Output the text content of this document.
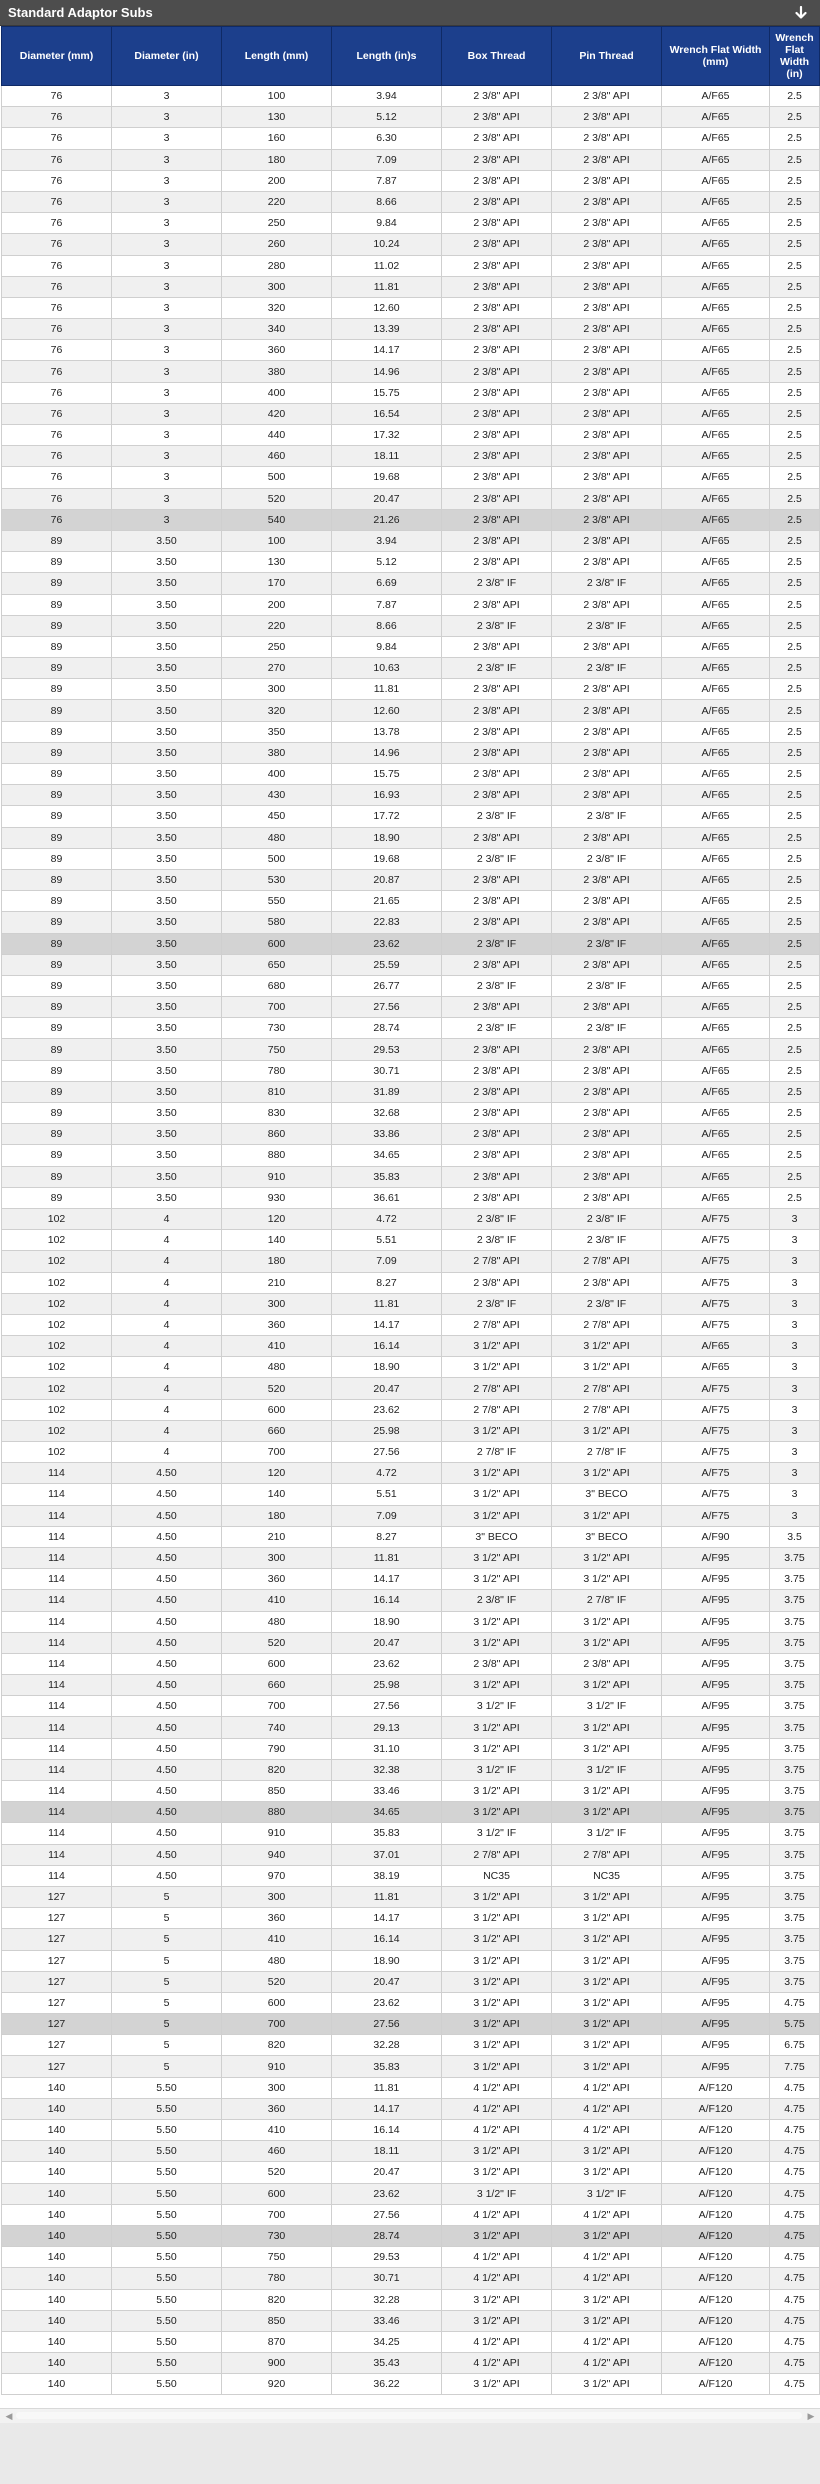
Standard Adaptor Subs
Diameter (mm)	Diameter (in)	Length (mm)	Length (in)s	Box Thread	Pin Thread	Wrench Flat Width (mm)	Wrench Flat Width (in)
76	3	100	3.94	2 3/8" API	2 3/8" API	A/F65	2.5
76	3	130	5.12	2 3/8" API	2 3/8" API	A/F65	2.5
76	3	160	6.30	2 3/8" API	2 3/8" API	A/F65	2.5
76	3	180	7.09	2 3/8" API	2 3/8" API	A/F65	2.5
76	3	200	7.87	2 3/8" API	2 3/8" API	A/F65	2.5
76	3	220	8.66	2 3/8" API	2 3/8" API	A/F65	2.5
76	3	250	9.84	2 3/8" API	2 3/8" API	A/F65	2.5
76	3	260	10.24	2 3/8" API	2 3/8" API	A/F65	2.5
76	3	280	11.02	2 3/8" API	2 3/8" API	A/F65	2.5
76	3	300	11.81	2 3/8" API	2 3/8" API	A/F65	2.5
76	3	320	12.60	2 3/8" API	2 3/8" API	A/F65	2.5
76	3	340	13.39	2 3/8" API	2 3/8" API	A/F65	2.5
76	3	360	14.17	2 3/8" API	2 3/8" API	A/F65	2.5
76	3	380	14.96	2 3/8" API	2 3/8" API	A/F65	2.5
76	3	400	15.75	2 3/8" API	2 3/8" API	A/F65	2.5
76	3	420	16.54	2 3/8" API	2 3/8" API	A/F65	2.5
76	3	440	17.32	2 3/8" API	2 3/8" API	A/F65	2.5
76	3	460	18.11	2 3/8" API	2 3/8" API	A/F65	2.5
76	3	500	19.68	2 3/8" API	2 3/8" API	A/F65	2.5
76	3	520	20.47	2 3/8" API	2 3/8" API	A/F65	2.5
76	3	540	21.26	2 3/8" API	2 3/8" API	A/F65	2.5
89	3.50	100	3.94	2 3/8" API	2 3/8" API	A/F65	2.5
89	3.50	130	5.12	2 3/8" API	2 3/8" API	A/F65	2.5
89	3.50	170	6.69	2 3/8" IF	2 3/8" IF	A/F65	2.5
89	3.50	200	7.87	2 3/8" API	2 3/8" API	A/F65	2.5
89	3.50	220	8.66	2 3/8" IF	2 3/8" IF	A/F65	2.5
89	3.50	250	9.84	2 3/8" API	2 3/8" API	A/F65	2.5
89	3.50	270	10.63	2 3/8" IF	2 3/8" IF	A/F65	2.5
89	3.50	300	11.81	2 3/8" API	2 3/8" API	A/F65	2.5
89	3.50	320	12.60	2 3/8" API	2 3/8" API	A/F65	2.5
89	3.50	350	13.78	2 3/8" API	2 3/8" API	A/F65	2.5
89	3.50	380	14.96	2 3/8" API	2 3/8" API	A/F65	2.5
89	3.50	400	15.75	2 3/8" API	2 3/8" API	A/F65	2.5
89	3.50	430	16.93	2 3/8" API	2 3/8" API	A/F65	2.5
89	3.50	450	17.72	2 3/8" IF	2 3/8" IF	A/F65	2.5
89	3.50	480	18.90	2 3/8" API	2 3/8" API	A/F65	2.5
89	3.50	500	19.68	2 3/8" IF	2 3/8" IF	A/F65	2.5
89	3.50	530	20.87	2 3/8" API	2 3/8" API	A/F65	2.5
89	3.50	550	21.65	2 3/8" API	2 3/8" API	A/F65	2.5
89	3.50	580	22.83	2 3/8" API	2 3/8" API	A/F65	2.5
89	3.50	600	23.62	2 3/8" IF	2 3/8" IF	A/F65	2.5
89	3.50	650	25.59	2 3/8" API	2 3/8" API	A/F65	2.5
89	3.50	680	26.77	2 3/8" IF	2 3/8" IF	A/F65	2.5
89	3.50	700	27.56	2 3/8" API	2 3/8" API	A/F65	2.5
89	3.50	730	28.74	2 3/8" IF	2 3/8" IF	A/F65	2.5
89	3.50	750	29.53	2 3/8" API	2 3/8" API	A/F65	2.5
89	3.50	780	30.71	2 3/8" API	2 3/8" API	A/F65	2.5
89	3.50	810	31.89	2 3/8" API	2 3/8" API	A/F65	2.5
89	3.50	830	32.68	2 3/8" API	2 3/8" API	A/F65	2.5
89	3.50	860	33.86	2 3/8" API	2 3/8" API	A/F65	2.5
89	3.50	880	34.65	2 3/8" API	2 3/8" API	A/F65	2.5
89	3.50	910	35.83	2 3/8" API	2 3/8" API	A/F65	2.5
89	3.50	930	36.61	2 3/8" API	2 3/8" API	A/F65	2.5
102	4	120	4.72	2 3/8" IF	2 3/8" IF	A/F75	3
102	4	140	5.51	2 3/8" IF	2 3/8" IF	A/F75	3
102	4	180	7.09	2 7/8" API	2 7/8" API	A/F75	3
102	4	210	8.27	2 3/8" API	2 3/8" API	A/F75	3
102	4	300	11.81	2 3/8" IF	2 3/8" IF	A/F75	3
102	4	360	14.17	2 7/8" API	2 7/8" API	A/F75	3
102	4	410	16.14	3 1/2" API	3 1/2" API	A/F65	3
102	4	480	18.90	3 1/2" API	3 1/2" API	A/F65	3
102	4	520	20.47	2 7/8" API	2 7/8" API	A/F75	3
102	4	600	23.62	2 7/8" API	2 7/8" API	A/F75	3
102	4	660	25.98	3 1/2" API	3 1/2" API	A/F75	3
102	4	700	27.56	2 7/8" IF	2 7/8" IF	A/F75	3
114	4.50	120	4.72	3 1/2" API	3 1/2" API	A/F75	3
114	4.50	140	5.51	3 1/2" API	3" BECO	A/F75	3
114	4.50	180	7.09	3 1/2" API	3 1/2" API	A/F75	3
114	4.50	210	8.27	3" BECO	3" BECO	A/F90	3.5
114	4.50	300	11.81	3 1/2" API	3 1/2" API	A/F95	3.75
114	4.50	360	14.17	3 1/2" API	3 1/2" API	A/F95	3.75
114	4.50	410	16.14	2 3/8" IF	2 7/8" IF	A/F95	3.75
114	4.50	480	18.90	3 1/2" API	3 1/2" API	A/F95	3.75
114	4.50	520	20.47	3 1/2" API	3 1/2" API	A/F95	3.75
114	4.50	600	23.62	2 3/8" API	2 3/8" API	A/F95	3.75
114	4.50	660	25.98	3 1/2" API	3 1/2" API	A/F95	3.75
114	4.50	700	27.56	3 1/2" IF	3 1/2" IF	A/F95	3.75
114	4.50	740	29.13	3 1/2" API	3 1/2" API	A/F95	3.75
114	4.50	790	31.10	3 1/2" API	3 1/2" API	A/F95	3.75
114	4.50	820	32.38	3 1/2" IF	3 1/2" IF	A/F95	3.75
114	4.50	850	33.46	3 1/2" API	3 1/2" API	A/F95	3.75
114	4.50	880	34.65	3 1/2" API	3 1/2" API	A/F95	3.75
114	4.50	910	35.83	3 1/2" IF	3 1/2" IF	A/F95	3.75
114	4.50	940	37.01	2 7/8" API	2 7/8" API	A/F95	3.75
114	4.50	970	38.19	NC35	NC35	A/F95	3.75
127	5	300	11.81	3 1/2" API	3 1/2" API	A/F95	3.75
127	5	360	14.17	3 1/2" API	3 1/2" API	A/F95	3.75
127	5	410	16.14	3 1/2" API	3 1/2" API	A/F95	3.75
127	5	480	18.90	3 1/2" API	3 1/2" API	A/F95	3.75
127	5	520	20.47	3 1/2" API	3 1/2" API	A/F95	3.75
127	5	600	23.62	3 1/2" API	3 1/2" API	A/F95	4.75
127	5	700	27.56	3 1/2" API	3 1/2" API	A/F95	5.75
127	5	820	32.28	3 1/2" API	3 1/2" API	A/F95	6.75
127	5	910	35.83	3 1/2" API	3 1/2" API	A/F95	7.75
140	5.50	300	11.81	4 1/2" API	4 1/2" API	A/F120	4.75
140	5.50	360	14.17	4 1/2" API	4 1/2" API	A/F120	4.75
140	5.50	410	16.14	4 1/2" API	4 1/2" API	A/F120	4.75
140	5.50	460	18.11	3 1/2" API	3 1/2" API	A/F120	4.75
140	5.50	520	20.47	3 1/2" API	3 1/2" API	A/F120	4.75
140	5.50	600	23.62	3 1/2" IF	3 1/2" IF	A/F120	4.75
140	5.50	700	27.56	4 1/2" API	4 1/2" API	A/F120	4.75
140	5.50	730	28.74	3 1/2" API	3 1/2" API	A/F120	4.75
140	5.50	750	29.53	4 1/2" API	4 1/2" API	A/F120	4.75
140	5.50	780	30.71	4 1/2" API	4 1/2" API	A/F120	4.75
140	5.50	820	32.28	3 1/2" API	3 1/2" API	A/F120	4.75
140	5.50	850	33.46	3 1/2" API	3 1/2" API	A/F120	4.75
140	5.50	870	34.25	4 1/2" API	4 1/2" API	A/F120	4.75
140	5.50	900	35.43	4 1/2" API	4 1/2" API	A/F120	4.75
140	5.50	920	36.22	3 1/2" API	3 1/2" API	A/F120	4.75
◀	▶
